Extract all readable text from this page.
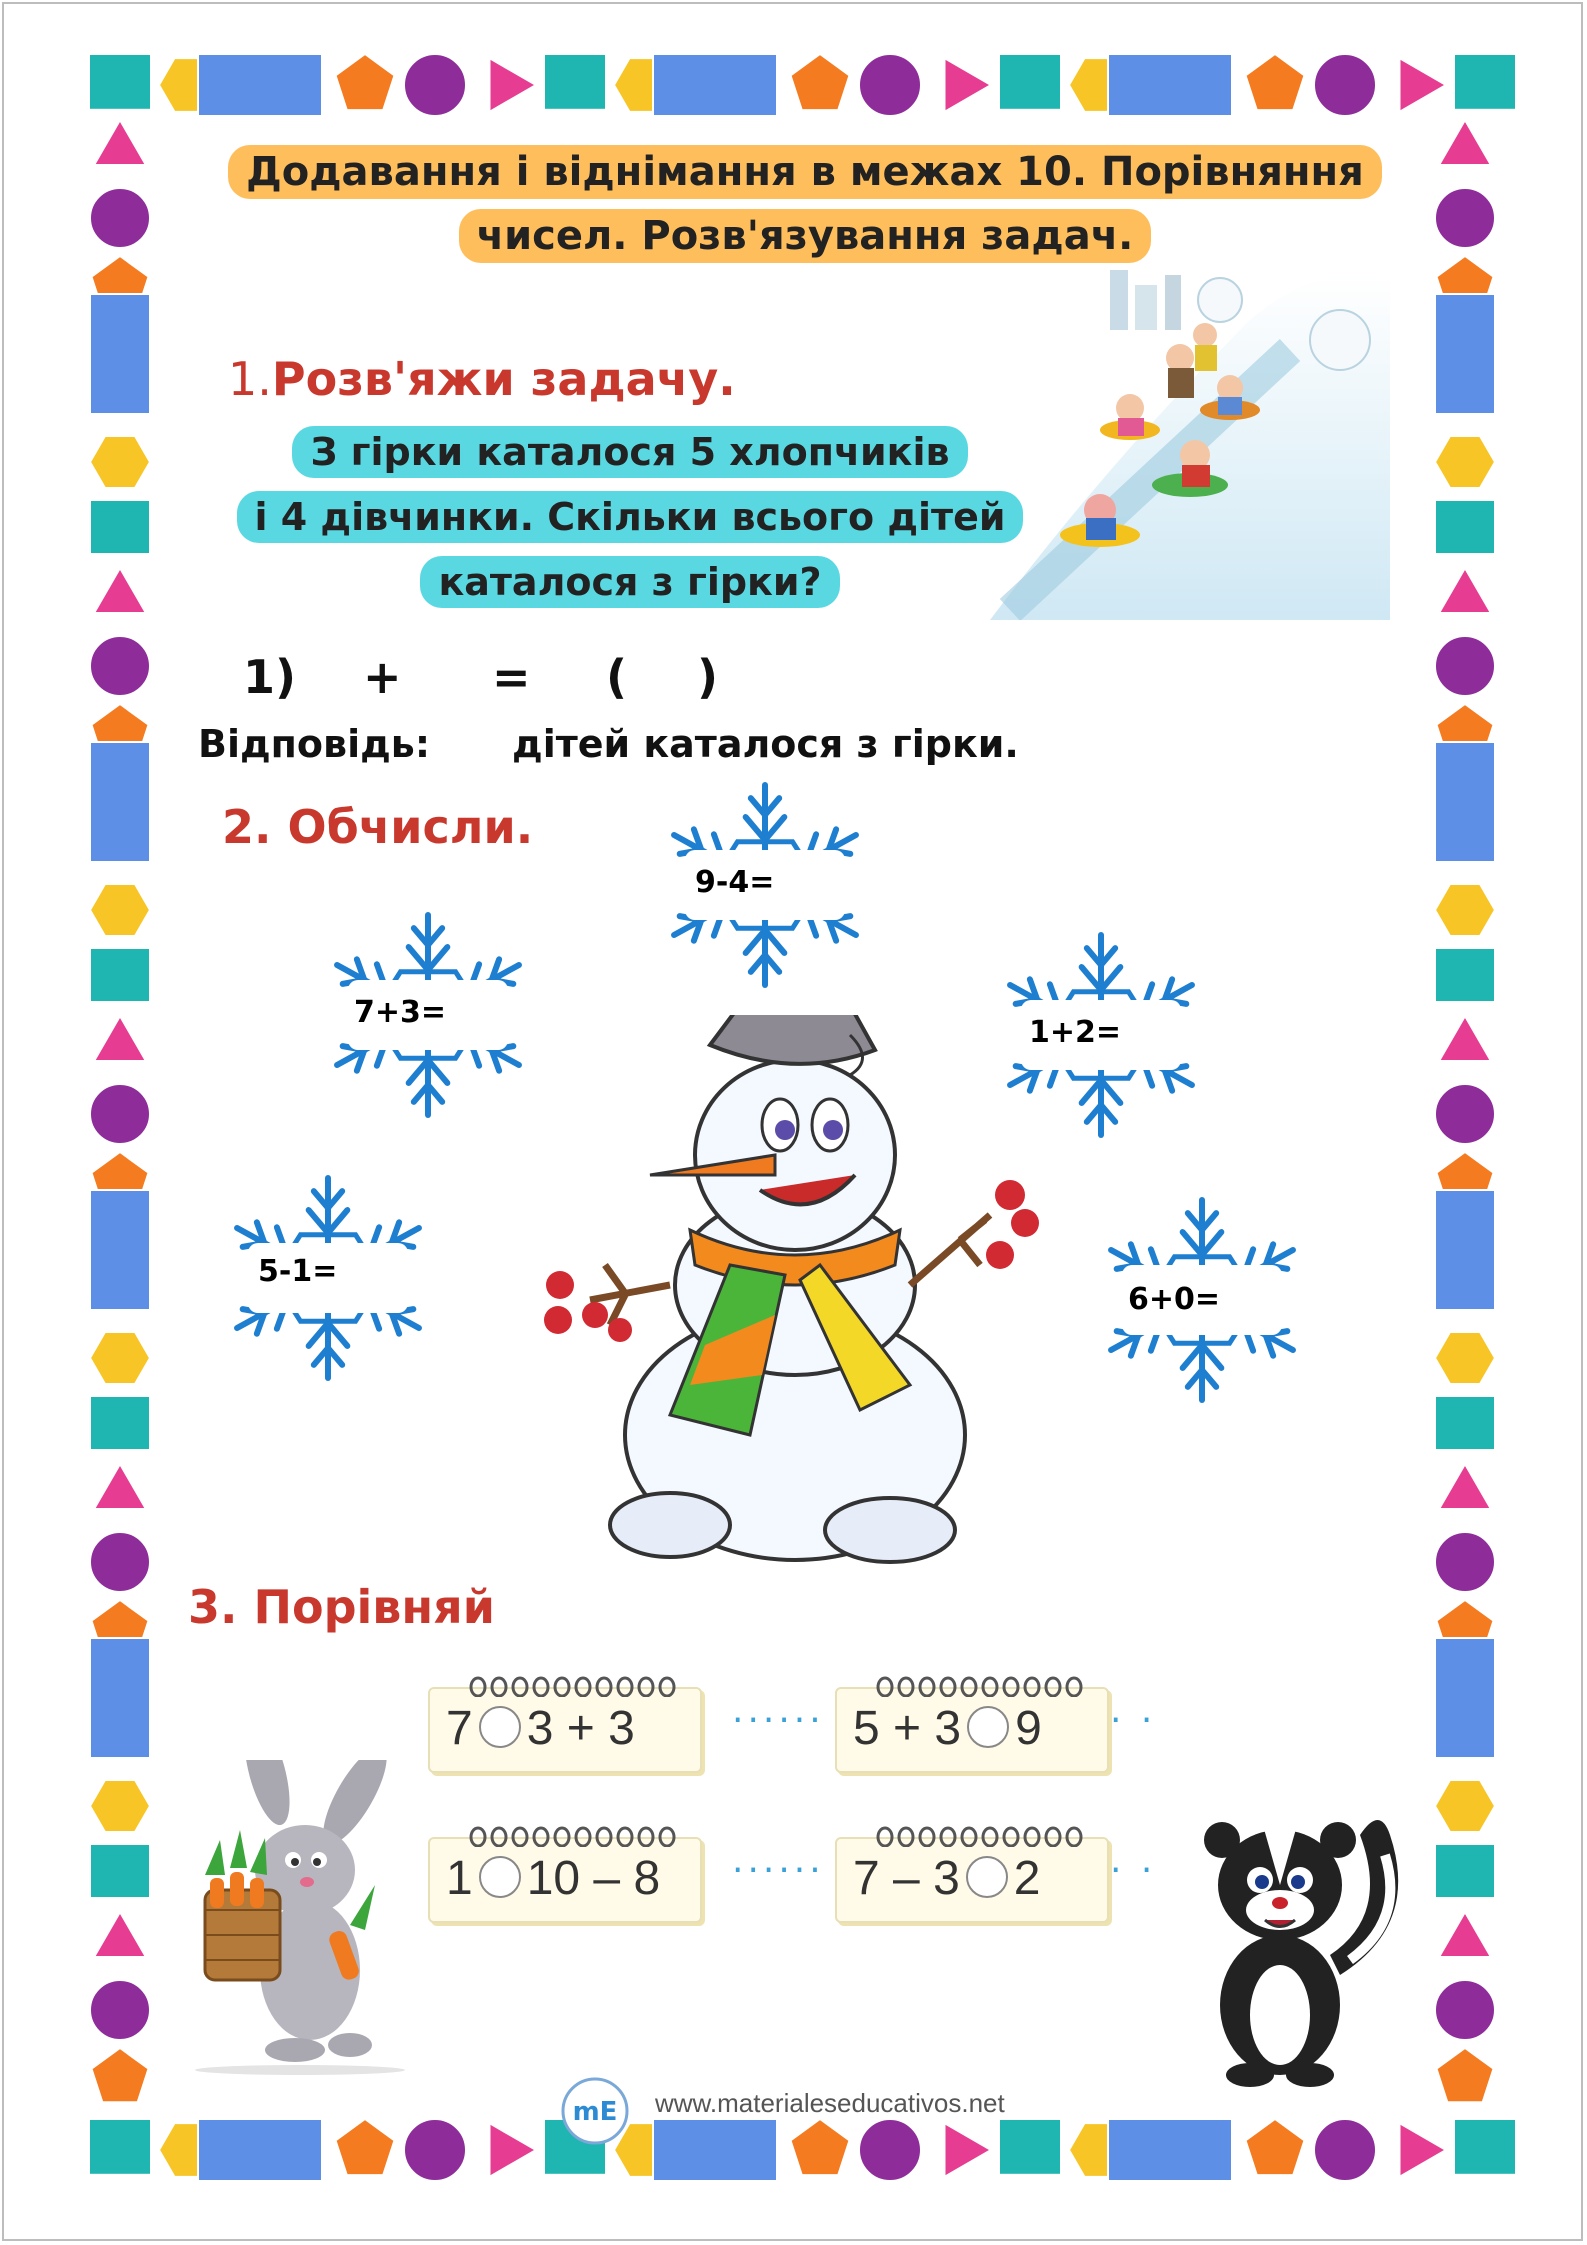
Додавання і віднімання в межах 10. Порівняння
чисел. Розв'язування задач.
1.Розв'яжи задачу.
З гірки каталося 5 хлопчиків
і 4 дівчинки. Скільки всього дітей
каталося з гірки?
1) + = ( )
Відповідь: дітей каталося з гірки.
2. Обчисли.
9-4=
7+3=
1+2=
5-1=
6+0=
3. Порівняй
7 3 + 3	······ 5 + 3 9 · ·
1 10 – 8 ······ 7 – 3 2 · ·
mE www.materialeseducativos.net
